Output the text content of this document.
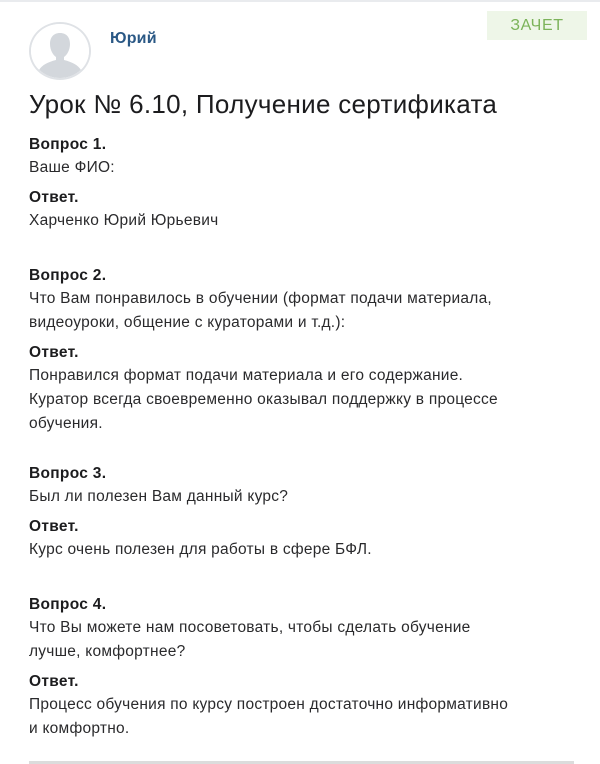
Юрий
ЗАЧЕТ
Урок № 6.10, Получение сертификата
Вопрос 1.
Ваше ФИО:
Ответ.
Харченко Юрий Юрьевич
Вопрос 2.
Что Вам понравилось в обучении (формат подачи материала, видеоуроки, общение с кураторами и т.д.):
Ответ.
Понравился формат подачи материала и его содержание. Куратор всегда своевременно оказывал поддержку в процессе обучения.
Вопрос 3.
Был ли полезен Вам данный курс?
Ответ.
Курс очень полезен для работы в сфере БФЛ.
Вопрос 4.
Что Вы можете нам посоветовать, чтобы сделать обучение лучше, комфортнее?
Ответ.
Процесс обучения по курсу построен достаточно информативно и комфортно.
